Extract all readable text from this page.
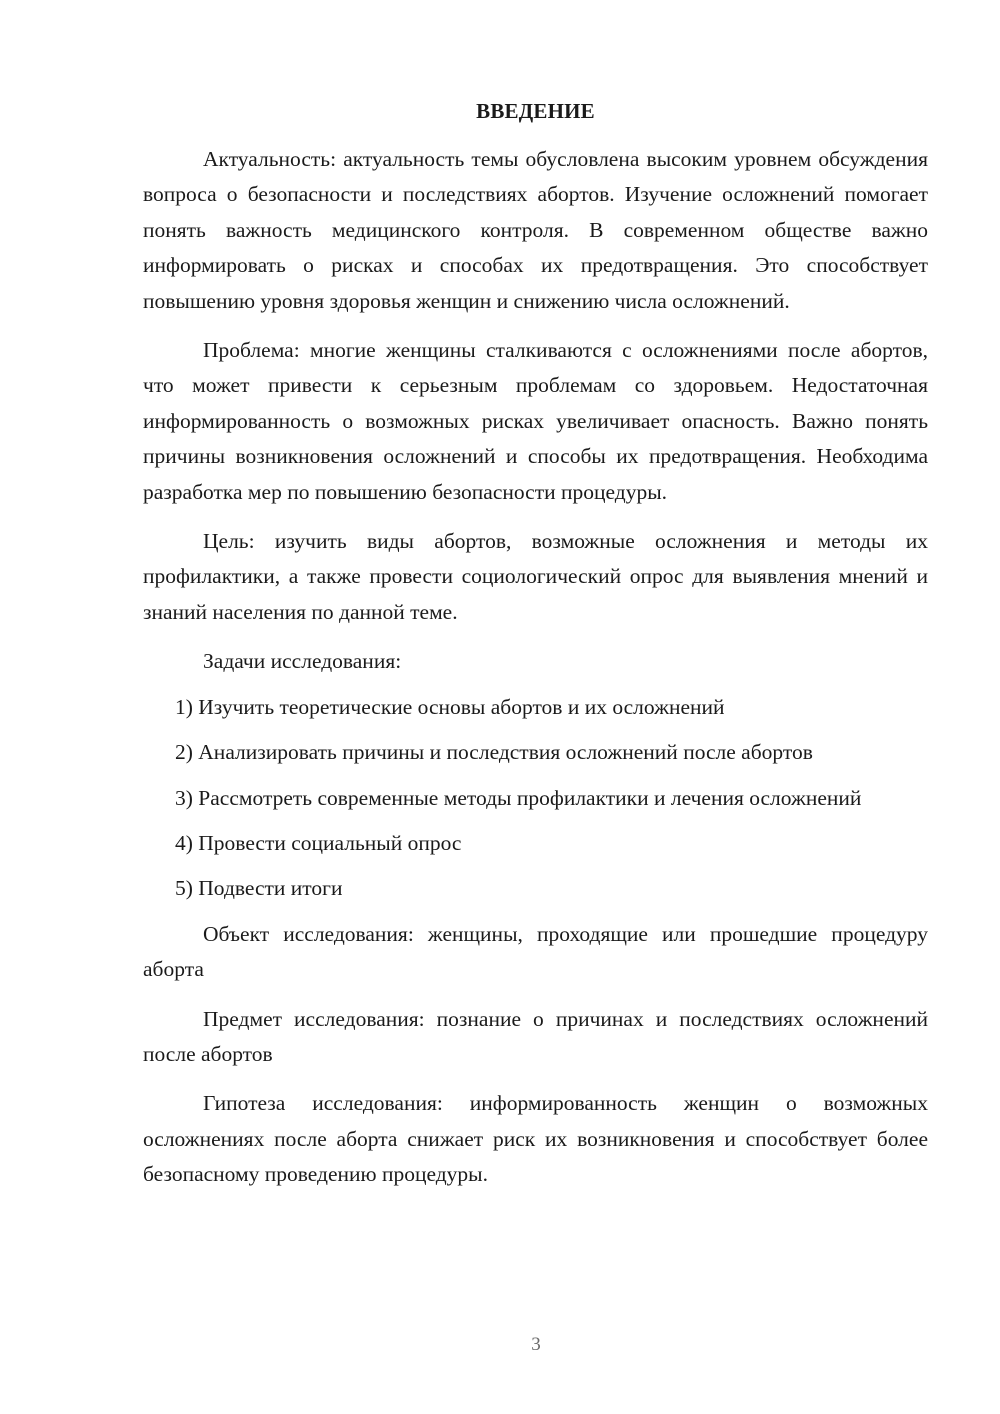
ВВЕДЕНИЕ

Актуальность: актуальность темы обусловлена высоким уровнем обсуждения вопроса о безопасности и последствиях абортов. Изучение осложнений помогает понять важность медицинского контроля. В современном обществе важно информировать о рисках и способах их предотвращения. Это способствует повышению уровня здоровья женщин и снижению числа осложнений.

Проблема: многие женщины сталкиваются с осложнениями после абортов, что может привести к серьезным проблемам со здоровьем. Недостаточная информированность о возможных рисках увеличивает опасность. Важно понять причины возникновения осложнений и способы их предотвращения. Необходима разработка мер по повышению безопасности процедуры.

Цель: изучить виды абортов, возможные осложнения и методы их профилактики, а также провести социологический опрос для выявления мнений и знаний населения по данной теме.

Задачи исследования:

1) Изучить теоретические основы абортов и их осложнений

2) Анализировать причины и последствия осложнений после абортов

3) Рассмотреть современные методы профилактики и лечения осложнений

4) Провести социальный опрос

5) Подвести итоги

Объект исследования: женщины, проходящие или прошедшие процедуру аборта

Предмет исследования: познание о причинах и последствиях осложнений после абортов

Гипотеза исследования: информированность женщин о возможных осложнениях после аборта снижает риск их возникновения и способствует более безопасному проведению процедуры.

3
